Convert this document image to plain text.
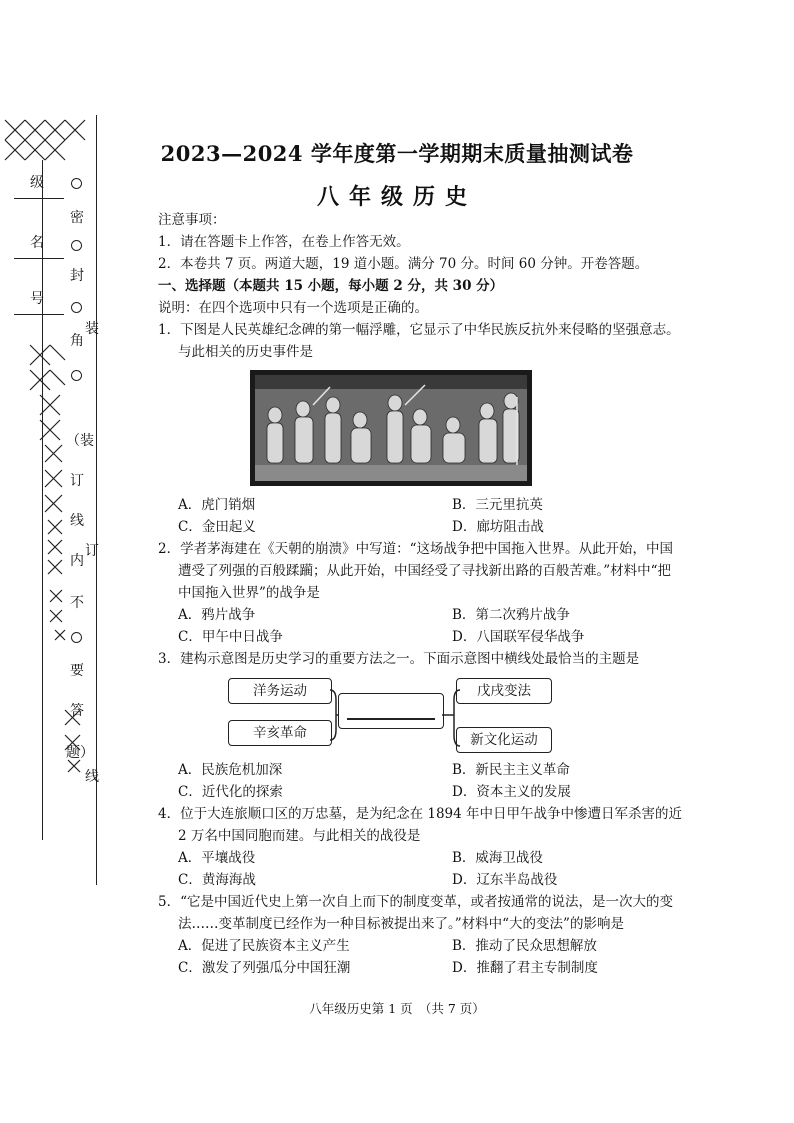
级
名
号
密
封
角
（装
订
线
内
不
要
答
题）
装
订
线
2023—2024 学年度第一学期期末质量抽测试卷
八年级历史
注意事项：
1．请在答题卡上作答，在卷上作答无效。
2．本卷共 7 页。两道大题，19 道小题。满分 70 分。时间 60 分钟。开卷答题。
一、选择题（本题共 15 小题，每小题 2 分，共 30 分）
说明：在四个选项中只有一个选项是正确的。
1．下图是人民英雄纪念碑的第一幅浮雕，它显示了中华民族反抗外来侵略的坚强意志。
与此相关的历史事件是
A．虎门销烟	B．三元里抗英
C．金田起义	D．廊坊阻击战
2．学者茅海建在《天朝的崩溃》中写道：“这场战争把中国拖入世界。从此开始，中国
遭受了列强的百般蹂躏；从此开始，中国经受了寻找新出路的百般苦难。”材料中“把
中国拖入世界”的战争是
A．鸦片战争	B．第二次鸦片战争
C．甲午中日战争	D．八国联军侵华战争
3．建构示意图是历史学习的重要方法之一。下面示意图中横线处最恰当的主题是
洋务运动
辛亥革命
戊戌变法
新文化运动
A．民族危机加深	B．新民主主义革命
C．近代化的探索	D．资本主义的发展
4．位于大连旅顺口区的万忠墓，是为纪念在 1894 年中日甲午战争中惨遭日军杀害的近
2 万名中国同胞而建。与此相关的战役是
A．平壤战役	B．威海卫战役
C．黄海海战	D．辽东半岛战役
5．“它是中国近代史上第一次自上而下的制度变革，或者按通常的说法，是一次大的变
法……变革制度已经作为一种目标被提出来了。”材料中“大的变法”的影响是
A．促进了民族资本主义产生	B．推动了民众思想解放
C．激发了列强瓜分中国狂潮	D．推翻了君主专制制度
八年级历史第 1 页　（共 7 页）
